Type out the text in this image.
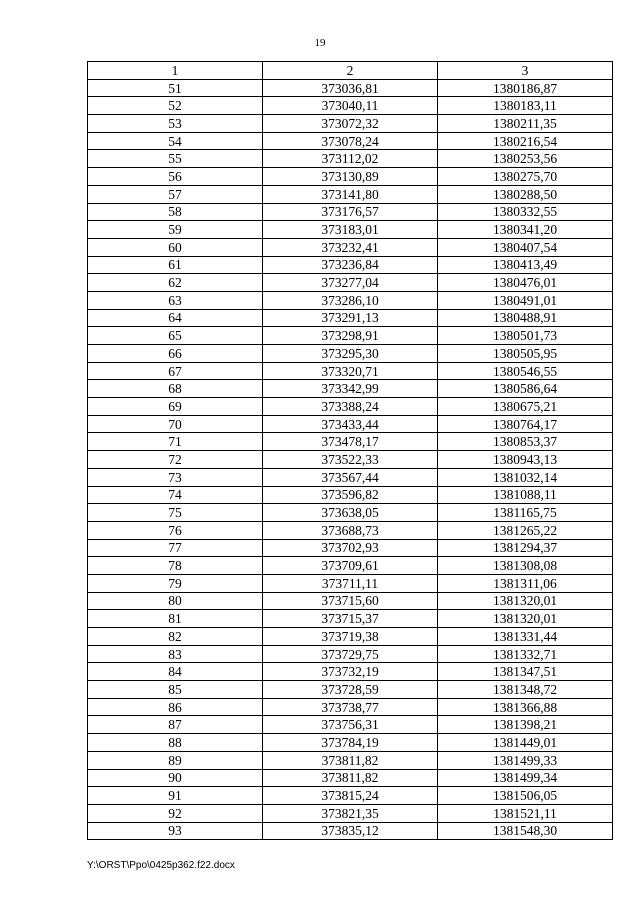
19
1	2	3
51	373036,81	1380186,87
52	373040,11	1380183,11
53	373072,32	1380211,35
54	373078,24	1380216,54
55	373112,02	1380253,56
56	373130,89	1380275,70
57	373141,80	1380288,50
58	373176,57	1380332,55
59	373183,01	1380341,20
60	373232,41	1380407,54
61	373236,84	1380413,49
62	373277,04	1380476,01
63	373286,10	1380491,01
64	373291,13	1380488,91
65	373298,91	1380501,73
66	373295,30	1380505,95
67	373320,71	1380546,55
68	373342,99	1380586,64
69	373388,24	1380675,21
70	373433,44	1380764,17
71	373478,17	1380853,37
72	373522,33	1380943,13
73	373567,44	1381032,14
74	373596,82	1381088,11
75	373638,05	1381165,75
76	373688,73	1381265,22
77	373702,93	1381294,37
78	373709,61	1381308,08
79	373711,11	1381311,06
80	373715,60	1381320,01
81	373715,37	1381320,01
82	373719,38	1381331,44
83	373729,75	1381332,71
84	373732,19	1381347,51
85	373728,59	1381348,72
86	373738,77	1381366,88
87	373756,31	1381398,21
88	373784,19	1381449,01
89	373811,82	1381499,33
90	373811,82	1381499,34
91	373815,24	1381506,05
92	373821,35	1381521,11
93	373835,12	1381548,30
Y:\ORST\Ppo\0425p362.f22.docx
